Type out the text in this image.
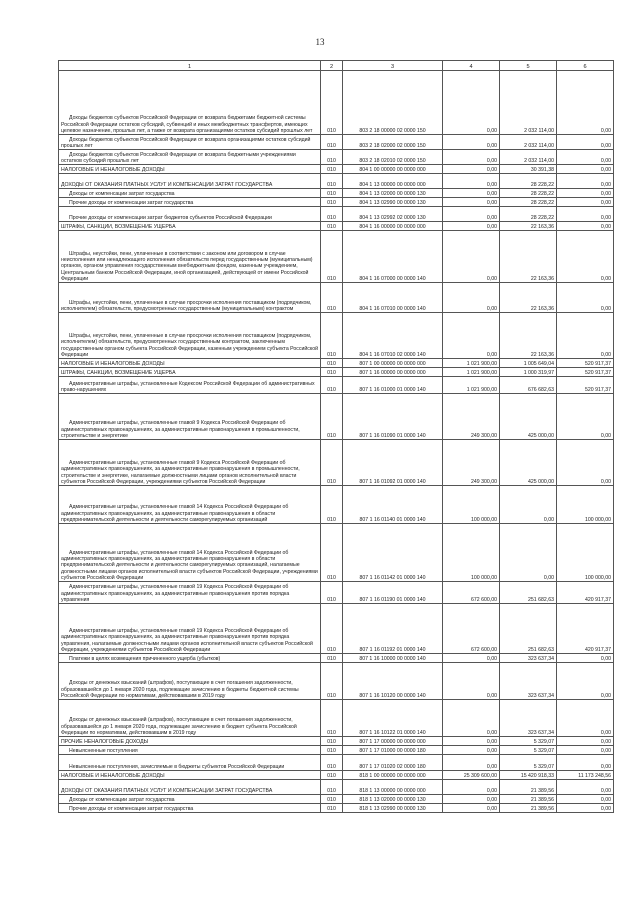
13
1	2	3	4	5	6
Доходы бюджетов субъектов Российской Федерации от возврата бюджетами бюджетной системы Российской Федерации остатков субсидий, субвенций и иных межбюджетных трансфертов, имеющих целевое назначение, прошлых лет, а также от возврата организациями остатков субсидий прошлых лет	010	803 2 18 00000 02 0000 150	0,00	2 032 114,00	0,00
Доходы бюджетов субъектов Российской Федерации от возврата организациями остатков субсидий прошлых лет	010	803 2 18 02000 02 0000 150	0,00	2 032 114,00	0,00
Доходы бюджетов субъектов Российской Федерации от возврата бюджетными учреждениями остатков субсидий прошлых лет	010	803 2 18 02010 02 0000 150	0,00	2 032 114,00	0,00
НАЛОГОВЫЕ И НЕНАЛОГОВЫЕ ДОХОДЫ	010	804 1 00 00000 00 0000 000	0,00	30 391,38	0,00
ДОХОДЫ ОТ ОКАЗАНИЯ ПЛАТНЫХ УСЛУГ И КОМПЕНСАЦИИ ЗАТРАТ ГОСУДАРСТВА	010	804 1 13 00000 00 0000 000	0,00	28 228,22	0,00
Доходы от компенсации затрат государства	010	804 1 13 02000 00 0000 130	0,00	28 228,22	0,00
Прочие доходы от компенсации затрат государства	010	804 1 13 02990 00 0000 130	0,00	28 228,22	0,00
Прочие доходы от компенсации затрат бюджетов субъектов Российской Федерации	010	804 1 13 02992 02 0000 130	0,00	28 228,22	0,00
ШТРАФЫ, САНКЦИИ, ВОЗМЕЩЕНИЕ УЩЕРБА	010	804 1 16 00000 00 0000 000	0,00	22 163,36	0,00
Штрафы, неустойки, пени, уплаченные в соответствии с законом или договором в случае неисполнения или ненадлежащего исполнения обязательств перед государственным (муниципальным) органом, органом управления государственным внебюджетным фондом, казенным учреждением, Центральным банком Российской Федерации, иной организацией, действующей от имени Российской Федерации	010	804 1 16 07000 00 0000 140	0,00	22 163,36	0,00
Штрафы, неустойки, пени, уплаченные в случае просрочки исполнения поставщиком (подрядчиком, исполнителем) обязательств, предусмотренных государственным (муниципальным) контрактом	010	804 1 16 07010 00 0000 140	0,00	22 163,36	0,00
Штрафы, неустойки, пени, уплаченные в случае просрочки исполнения поставщиком (подрядчиком, исполнителем) обязательств, предусмотренных государственным контрактом, заключенным государственным органом субъекта Российской Федерации, казенным учреждением субъекта Российской Федерации	010	804 1 16 07010 02 0000 140	0,00	22 163,36	0,00
НАЛОГОВЫЕ И НЕНАЛОГОВЫЕ ДОХОДЫ	010	807 1 00 00000 00 0000 000	1 021 900,00	1 005 649,04	520 917,37
ШТРАФЫ, САНКЦИИ, ВОЗМЕЩЕНИЕ УЩЕРБА	010	807 1 16 00000 00 0000 000	1 021 900,00	1 000 319,97	520 917,37
Административные штрафы, установленные Кодексом Российской Федерации об административных право-нарушениях	010	807 1 16 01000 01 0000 140	1 021 900,00	676 682,63	520 917,37
Административные штрафы, установленные главой 9 Кодекса Российской Федерации об административных правонарушениях, за административные правонарушения в промышленности, строительстве и энергетике	010	807 1 16 01090 01 0000 140	249 300,00	425 000,00	0,00
Административные штрафы, установленные главой 9 Кодекса Российской Федерации об административных правонарушениях, за административные правонарушения в промышленности, строительстве и энергетике, налагаемые должностными лицами органов исполнительной власти субъектов Российской Федерации, учреждениями субъектов Российской Федерации	010	807 1 16 01092 01 0000 140	249 300,00	425 000,00	0,00
Административные штрафы, установленные главой 14 Кодекса Российской Федерации об административных правонарушениях, за административные правонарушения в области предпринимательской деятельности и деятельности саморегулируемых организаций	010	807 1 16 01140 01 0000 140	100 000,00	0,00	100 000,00
Административные штрафы, установленные главой 14 Кодекса Российской Федерации об административных правонарушениях, за административные правонарушения в области предпринимательской деятельности и деятельности саморегулируемых организаций, налагаемые должностными лицами органов исполнительной власти субъектов Российской Федерации, учреждениями субъектов Российской Федерации	010	807 1 16 01142 01 0000 140	100 000,00	0,00	100 000,00
Административные штрафы, установленные главой 19 Кодекса Российской Федерации об административных правонарушениях, за административные правонарушения против порядка управления	010	807 1 16 01190 01 0000 140	672 600,00	251 682,63	420 917,37
Административные штрафы, установленные главой 19 Кодекса Российской Федерации об административных правонарушениях, за административные правонарушения против порядка управления, налагаемые должностными лицами органов исполнительной власти субъектов Российской Федерации, учреждениями субъектов Российской Федерации	010	807 1 16 01192 01 0000 140	672 600,00	251 682,63	420 917,37
Платежи в целях возмещения причиненного ущерба (убытков)	010	807 1 16 10000 00 0000 140	0,00	323 637,34	0,00
Доходы от денежных взысканий (штрафов), поступающие в счет погашения задолженности, образовавшейся до 1 января 2020 года, подлежащие зачислению в бюджеты бюджетной системы Российской Федерации по нормативам, действовавшим в 2019 году	010	807 1 16 10120 00 0000 140	0,00	323 637,34	0,00
Доходы от денежных взысканий (штрафов), поступающие в счет погашения задолженности, образовавшейся до 1 января 2020 года, подлежащие зачислению в бюджет субъекта Российской Федерации по нормативам, действовавшим в 2019 году	010	807 1 16 10122 01 0000 140	0,00	323 637,34	0,00
ПРОЧИЕ НЕНАЛОГОВЫЕ ДОХОДЫ	010	807 1 17 00000 00 0000 000	0,00	5 329,07	0,00
Невыясненные поступления	010	807 1 17 01000 00 0000 180	0,00	5 329,07	0,00
Невыясненные поступления, зачисляемые в бюджеты субъектов Российской Федерации	010	807 1 17 01020 02 0000 180	0,00	5 329,07	0,00
НАЛОГОВЫЕ И НЕНАЛОГОВЫЕ ДОХОДЫ	010	818 1 00 00000 00 0000 000	25 309 600,00	15 420 918,33	11 173 248,56
ДОХОДЫ ОТ ОКАЗАНИЯ ПЛАТНЫХ УСЛУГ И КОМПЕНСАЦИИ ЗАТРАТ ГОСУДАРСТВА	010	818 1 13 00000 00 0000 000	0,00	21 389,56	0,00
Доходы от компенсации затрат государства	010	818 1 13 02000 00 0000 130	0,00	21 389,56	0,00
Прочие доходы от компенсации затрат государства	010	818 1 13 02990 00 0000 130	0,00	21 389,56	0,00
